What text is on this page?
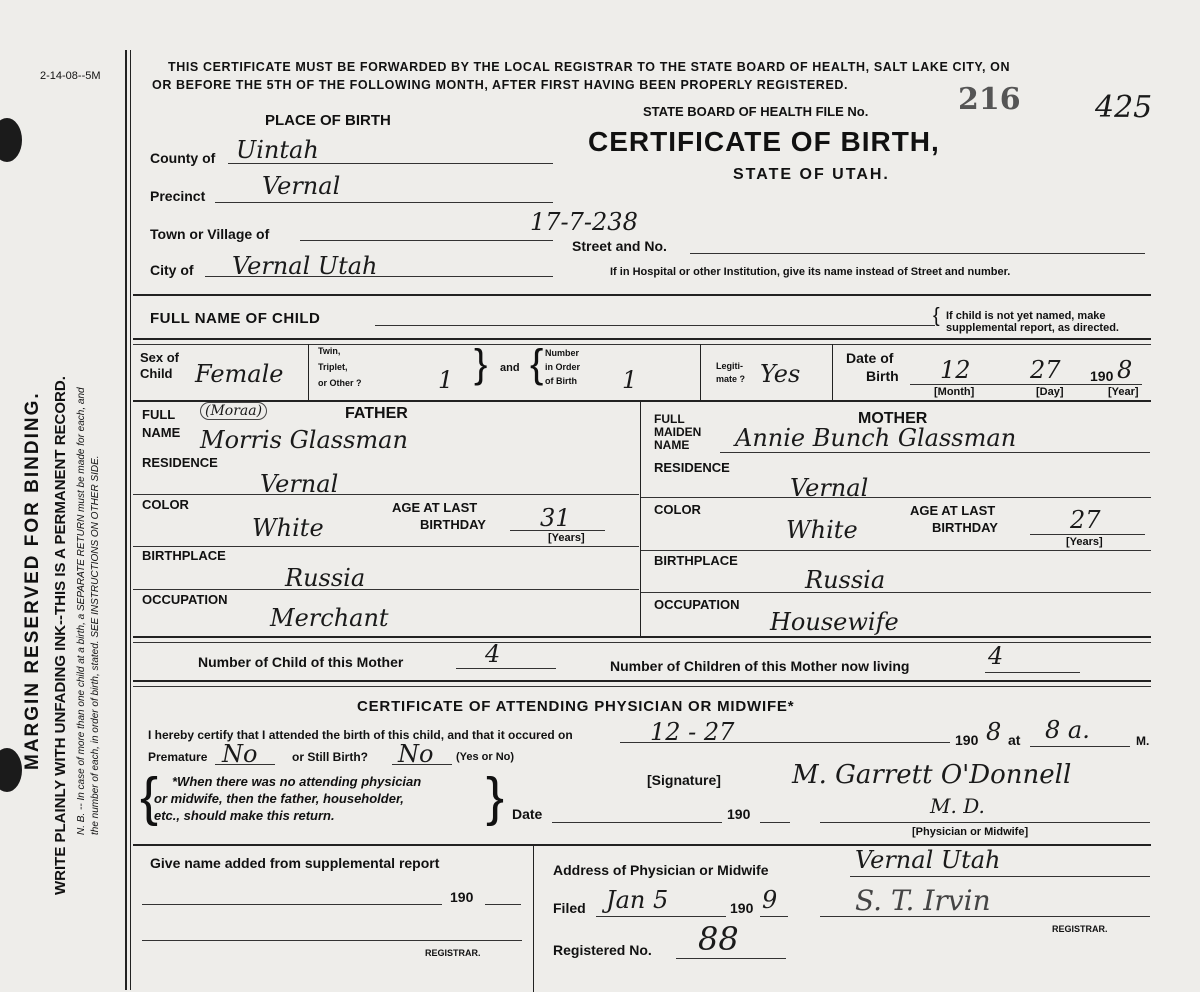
2-14-08--5M
MARGIN RESERVED FOR BINDING. WRITE PLAINLY WITH UNFADING INK--THIS IS A PERMANENT RECORD. N. B. -- In case of more than one child at a birth, a SEPARATE RETURN must be made for each, and the number of each, in order of birth, stated. SEE INSTRUCTIONS ON OTHER SIDE.
THIS CERTIFICATE MUST BE FORWARDED BY THE LOCAL REGISTRAR TO THE STATE BOARD OF HEALTH, SALT LAKE CITY, ON
OR BEFORE THE 5TH OF THE FOLLOWING MONTH, AFTER FIRST HAVING BEEN PROPERLY REGISTERED.
STATE BOARD OF HEALTH FILE No.	216 425
CERTIFICATE OF BIRTH,
STATE OF UTAH.
PLACE OF BIRTH
County of Uintah
Precinct Vernal
Town or Village of	17-7-238
Street and No.
City of Vernal Utah	If in Hospital or other Institution, give its name instead of Street and number.
FULL NAME OF CHILD	{ If child is not yet named, make
supplemental report, as directed.
Sex of
Child Female
Twin,
Triplet,
or Other ?	1 } and { Number
in Order
of Birth 1	Legiti-
mate ? Yes
Date of
Birth 12 27 190 8
[Month]	[Day]	[Year]
FATHER
FULL
NAME
(Moraa)
Morris Glassman
RESIDENCE
Vernal
COLOR
White
AGE AT LAST
BIRTHDAY 31
[Years]
BIRTHPLACE
Russia
OCCUPATION
Merchant
MOTHER
FULL
MAIDEN
NAME Annie Bunch Glassman
RESIDENCE
Vernal
COLOR
White
AGE AT LAST
BIRTHDAY	27
[Years]
BIRTHPLACE
Russia
OCCUPATION
Housewife
Number of Child of this Mother	4	Number of Children of this Mother now living	4
CERTIFICATE OF ATTENDING PHYSICIAN OR MIDWIFE*
I hereby certify that I attended the birth of this child, and that it occured on	12 - 27	190 8 at 8 a.	M.
Premature No	or Still Birth? No (Yes or No)
{ *When there was no attending physician
or midwife, then the father, householder,
etc., should make this return.	}	[Signature]	M. Garrett O'Donnell
M. D.
Date	190
[Physician or Midwife]
Give name added from supplemental report
190
REGISTRAR.
Address of Physician or Midwife	Vernal Utah
Filed Jan 5	190 9	S. T. Irvin
REGISTRAR.
Registered No. 88
